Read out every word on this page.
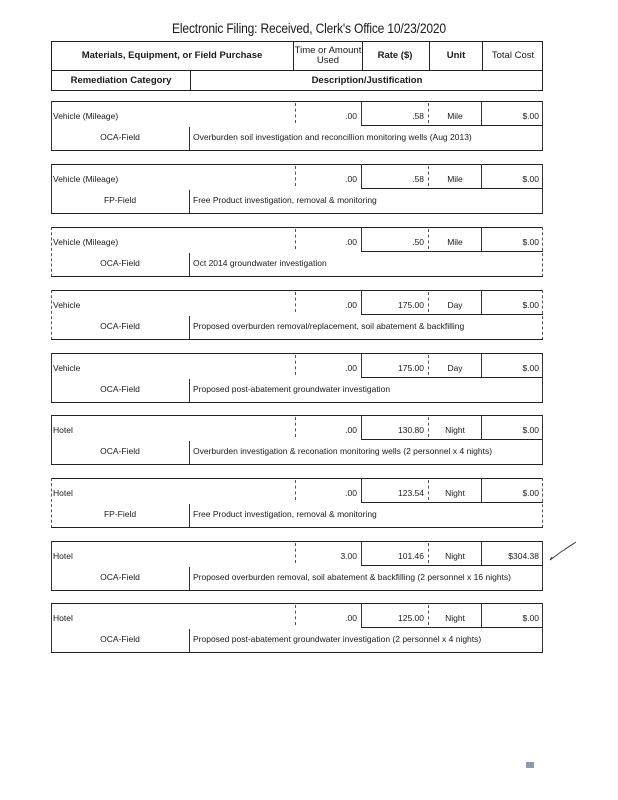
Electronic Filing: Received, Clerk's Office 10/23/2020
Materials, Equipment, or Field Purchase	Time or Amount Used	Rate ($)	Unit	Total Cost
Remediation Category	Description/Justification
Vehicle (Mileage)	.00	.58	Mile	$.00
OCA-Field	Overburden soil investigation and reconcillion monitoring wells (Aug 2013)
Vehicle (Mileage)	.00	.58	Mile	$.00
FP-Field	Free Product investigation, removal & monitoring
Vehicle (Mileage)	.00	.50	Mile	$.00
OCA-Field	Oct 2014 groundwater investigation
Vehicle	.00	175.00	Day	$.00
OCA-Field	Proposed overburden removal/replacement, soil abatement & backfilling
Vehicle	.00	175.00	Day	$.00
OCA-Field	Proposed post-abatement groundwater investigation
Hotel	.00	130.80	Night	$.00
OCA-Field	Overburden investigation & reconation monitoring wells (2 personnel x 4 nights)
Hotel	.00	123.54	Night	$.00
FP-Field	Free Product investigation, removal & monitoring
Hotel	3.00	101.46	Night	$304.38
OCA-Field	Proposed overburden removal, soil abatement & backfilling (2 personnel x 16 nights)
Hotel	.00	125.00	Night	$.00
OCA-Field	Proposed post-abatement groundwater investigation (2 personnel x 4 nights)
